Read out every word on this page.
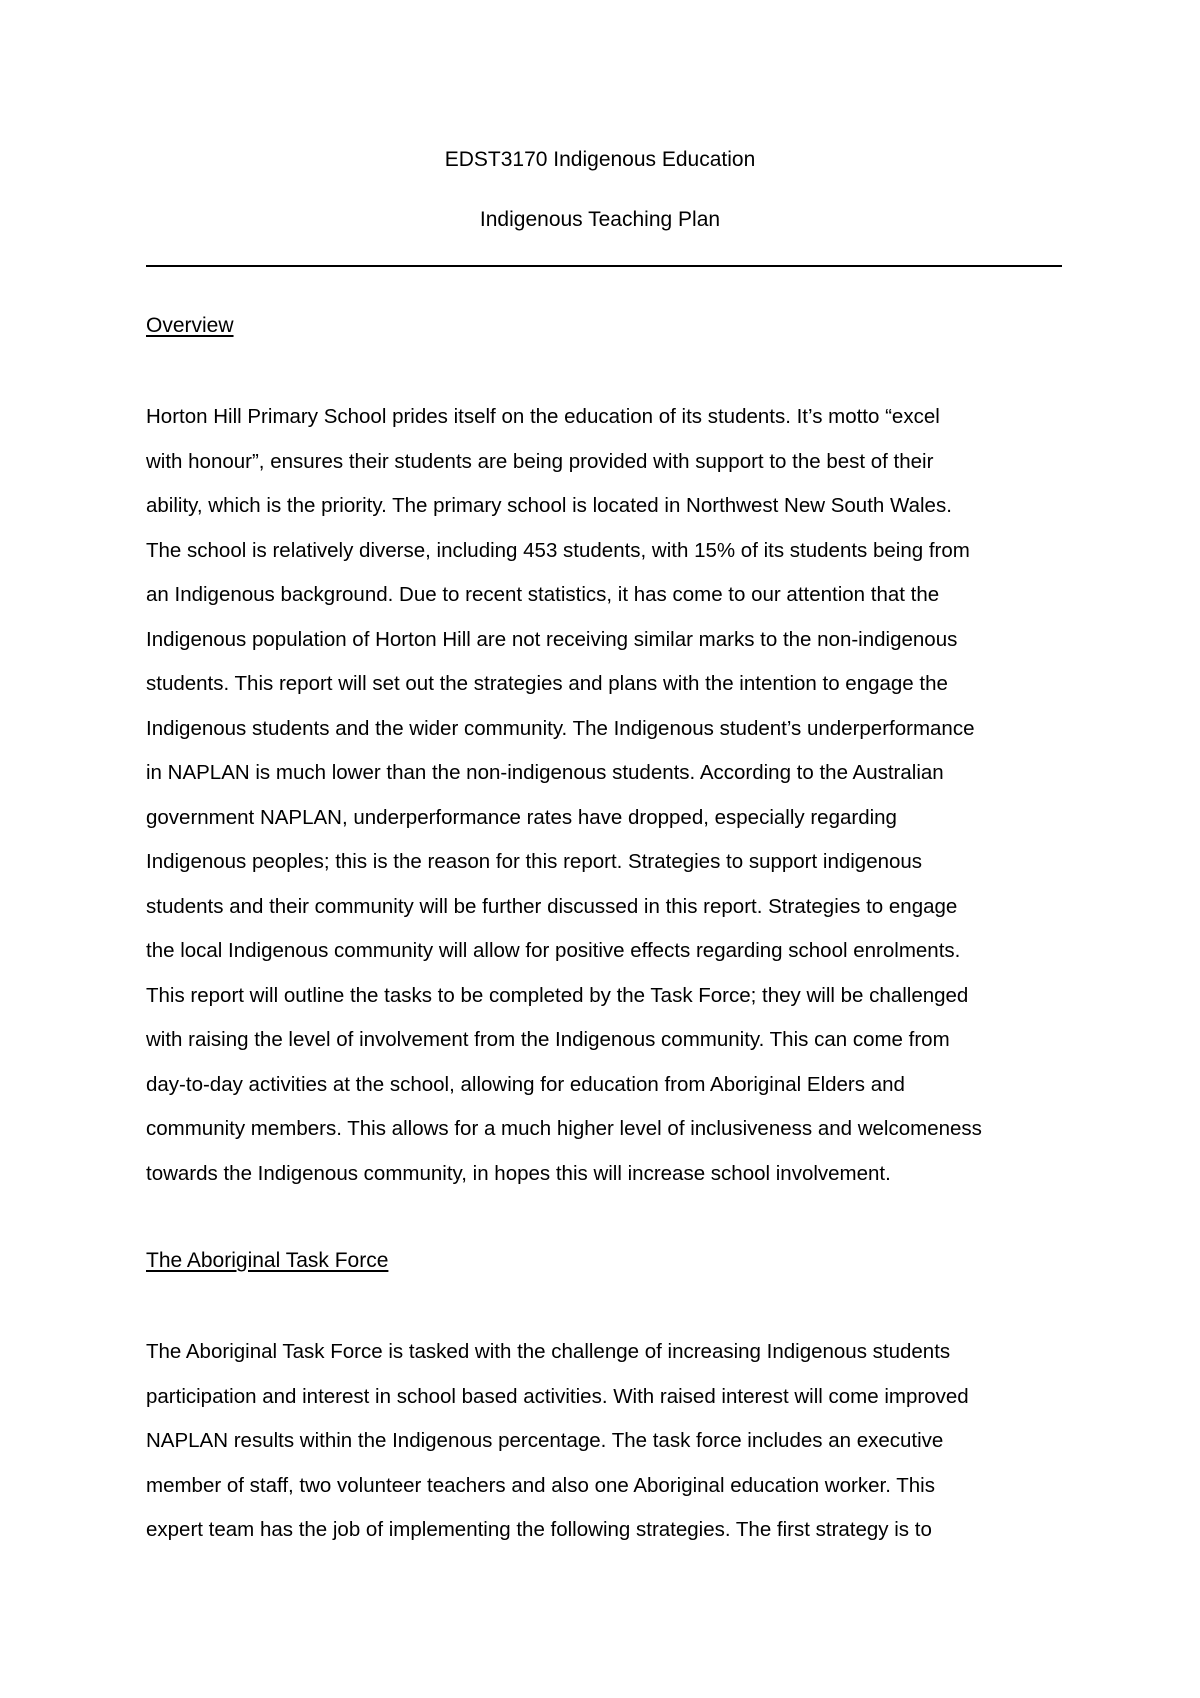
EDST3170 Indigenous Education
Indigenous Teaching Plan
Overview
Horton Hill Primary School prides itself on the education of its students. It’s motto “excel
with honour”, ensures their students are being provided with support to the best of their
ability, which is the priority. The primary school is located in Northwest New South Wales.
The school is relatively diverse, including 453 students, with 15% of its students being from
an Indigenous background. Due to recent statistics, it has come to our attention that the
Indigenous population of Horton Hill are not receiving similar marks to the non-indigenous
students. This report will set out the strategies and plans with the intention to engage the
Indigenous students and the wider community. The Indigenous student’s underperformance
in NAPLAN is much lower than the non-indigenous students. According to the Australian
government NAPLAN, underperformance rates have dropped, especially regarding
Indigenous peoples; this is the reason for this report. Strategies to support indigenous
students and their community will be further discussed in this report. Strategies to engage
the local Indigenous community will allow for positive effects regarding school enrolments.
This report will outline the tasks to be completed by the Task Force; they will be challenged
with raising the level of involvement from the Indigenous community. This can come from
day-to-day activities at the school, allowing for education from Aboriginal Elders and
community members. This allows for a much higher level of inclusiveness and welcomeness
towards the Indigenous community, in hopes this will increase school involvement.
The Aboriginal Task Force
The Aboriginal Task Force is tasked with the challenge of increasing Indigenous students
participation and interest in school based activities. With raised interest will come improved
NAPLAN results within the Indigenous percentage. The task force includes an executive
member of staff, two volunteer teachers and also one Aboriginal education worker. This
expert team has the job of implementing the following strategies. The first strategy is to
